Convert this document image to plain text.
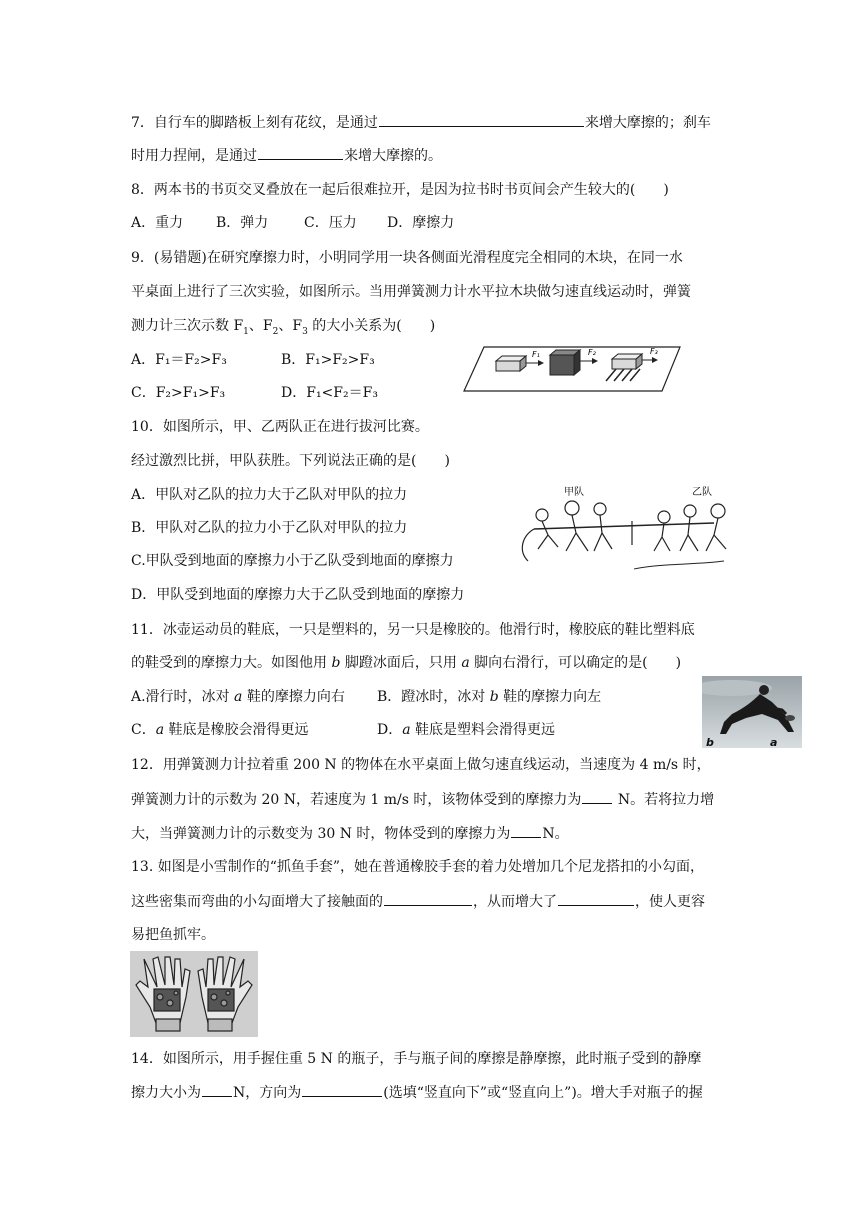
7．自行车的脚踏板上刻有花纹，是通过	来增大摩擦的；刹车
时用力捏闸，是通过	来增大摩擦的。
8．两本书的书页交叉叠放在一起后很难拉开，是因为拉书时书页间会产生较大的(　　)
A．重力 B．弹力	C．压力 D．摩擦力
9．(易错题)在研究摩擦力时，小明同学用一块各侧面光滑程度完全相同的木块，在同一水
平桌面上进行了三次实验，如图所示。当用弹簧测力计水平拉木块做匀速直线运动时，弹簧
测力计三次示数 $F_1$、$F_2$、$F_3$ 的大小关系为(　　)
A．F₁＝F₂>F₃	B．F₁>F₂>F₃
C．F₂>F₁>F₃	D．F₁<F₂＝F₃
F₁	F₂	F₃
10．如图所示，甲、乙两队正在进行拔河比赛。
经过激烈比拼，甲队获胜。下列说法正确的是(　　)
A．甲队对乙队的拉力大于乙队对甲队的拉力
B．甲队对乙队的拉力小于乙队对甲队的拉力
C.甲队受到地面的摩擦力小于乙队受到地面的摩擦力
D．甲队受到地面的摩擦力大于乙队受到地面的摩擦力
甲队	乙队
11．冰壶运动员的鞋底，一只是塑料的，另一只是橡胶的。他滑行时，橡胶底的鞋比塑料底
的鞋受到的摩擦力大。如图他用 b 脚蹬冰面后，只用 a 脚向右滑行，可以确定的是(　　)
A.滑行时，冰对 a 鞋的摩擦力向右 B．蹬冰时，冰对 b 鞋的摩擦力向左
C．a 鞋底是橡胶会滑得更远	D．a 鞋底是塑料会滑得更远
b	a
12．用弹簧测力计拉着重 200 N 的物体在水平桌面上做匀速直线运动，当速度为 4 m/s 时，
弹簧测力计的示数为 20 N，若速度为 1 m/s 时，该物体受到的摩擦力为 N。若将拉力增
大，当弹簧测力计的示数变为 30 N 时，物体受到的摩擦力为 N。
13. 如图是小雪制作的“抓鱼手套”，她在普通橡胶手套的着力处增加几个尼龙搭扣的小勾面，
这些密集而弯曲的小勾面增大了接触面的	，从而增大了	，使人更容
易把鱼抓牢。
14．如图所示，用手握住重 5 N 的瓶子，手与瓶子间的摩擦是静摩擦，此时瓶子受到的静摩
擦力大小为 N，方向为	(选填“竖直向下”或“竖直向上”)。增大手对瓶子的握
